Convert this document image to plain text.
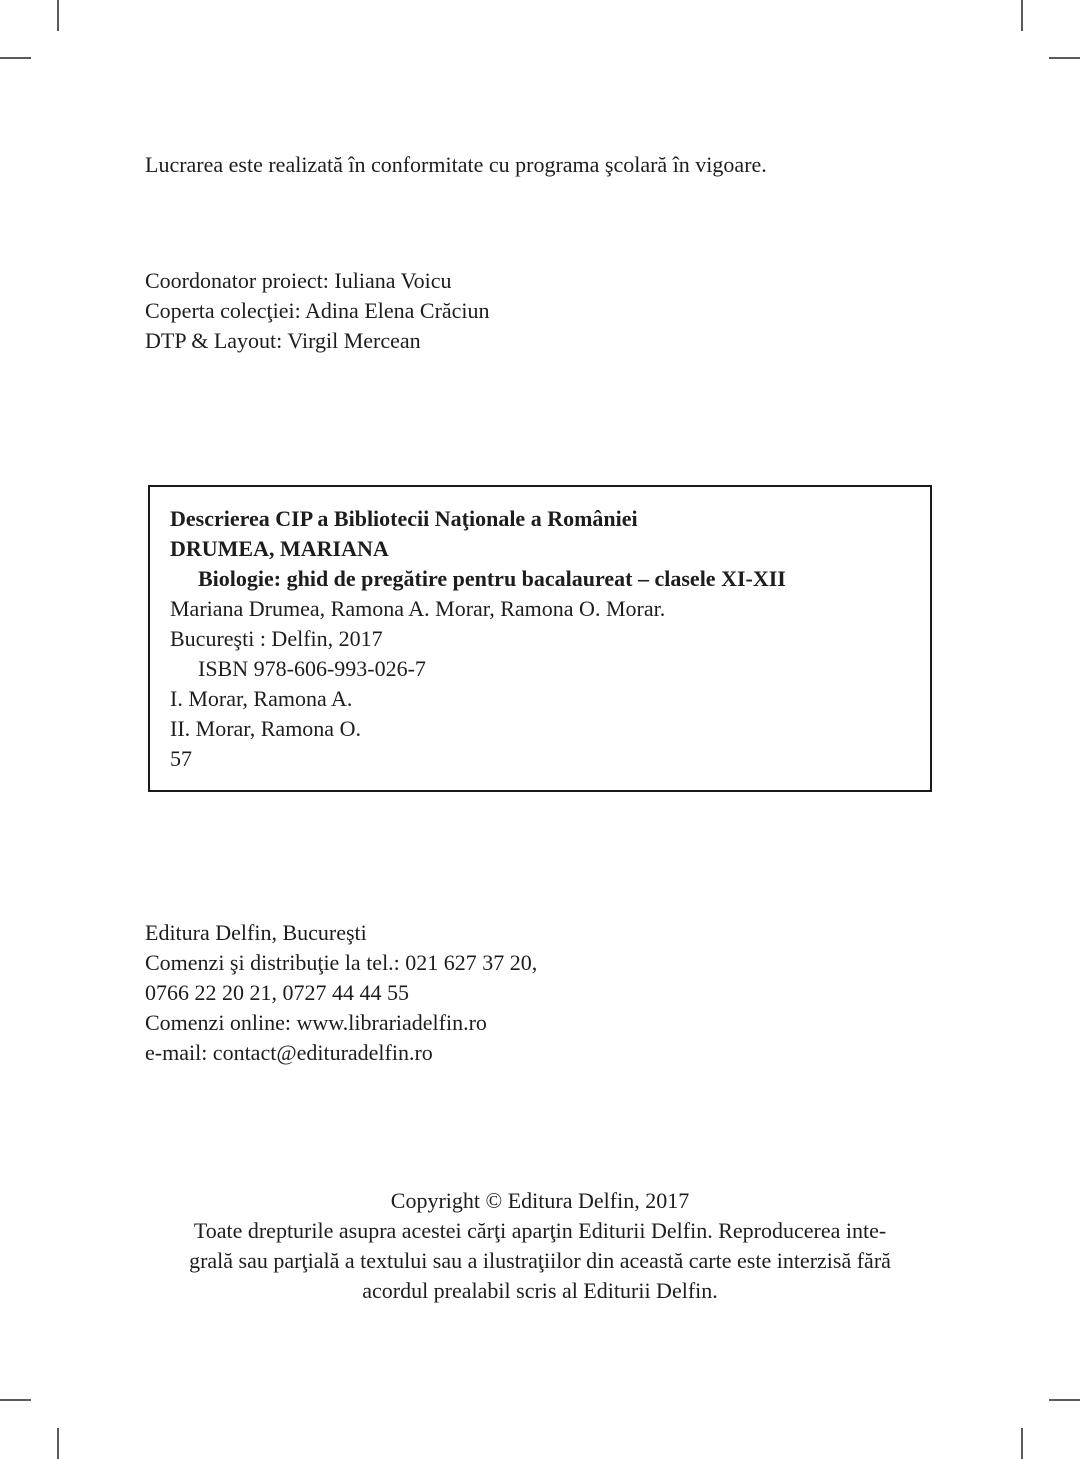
Lucrarea este realizată în conformitate cu programa şcolară în vigoare.
Coordonator proiect: Iuliana Voicu
Coperta colecţiei: Adina Elena Crăciun
DTP & Layout: Virgil Mercean
Descrierea CIP a Bibliotecii Naţionale a României
DRUMEA, MARIANA
Biologie: ghid de pregătire pentru bacalaureat – clasele XI-XII
Mariana Drumea, Ramona A. Morar, Ramona O. Morar.
Bucureşti : Delfin, 2017
ISBN 978-606-993-026-7
I. Morar, Ramona A.
II. Morar, Ramona O.
57
Editura Delfin, Bucureşti
Comenzi şi distribuţie la tel.: 021 627 37 20,
0766 22 20 21, 0727 44 44 55
Comenzi online: www.librariadelfin.ro
e-mail: contact@edituradelfin.ro
Copyright © Editura Delfin, 2017
Toate drepturile asupra acestei cărţi aparţin Editurii Delfin. Reproducerea inte-
grală sau parţială a textului sau a ilustraţiilor din această carte este interzisă fără
acordul prealabil scris al Editurii Delfin.
